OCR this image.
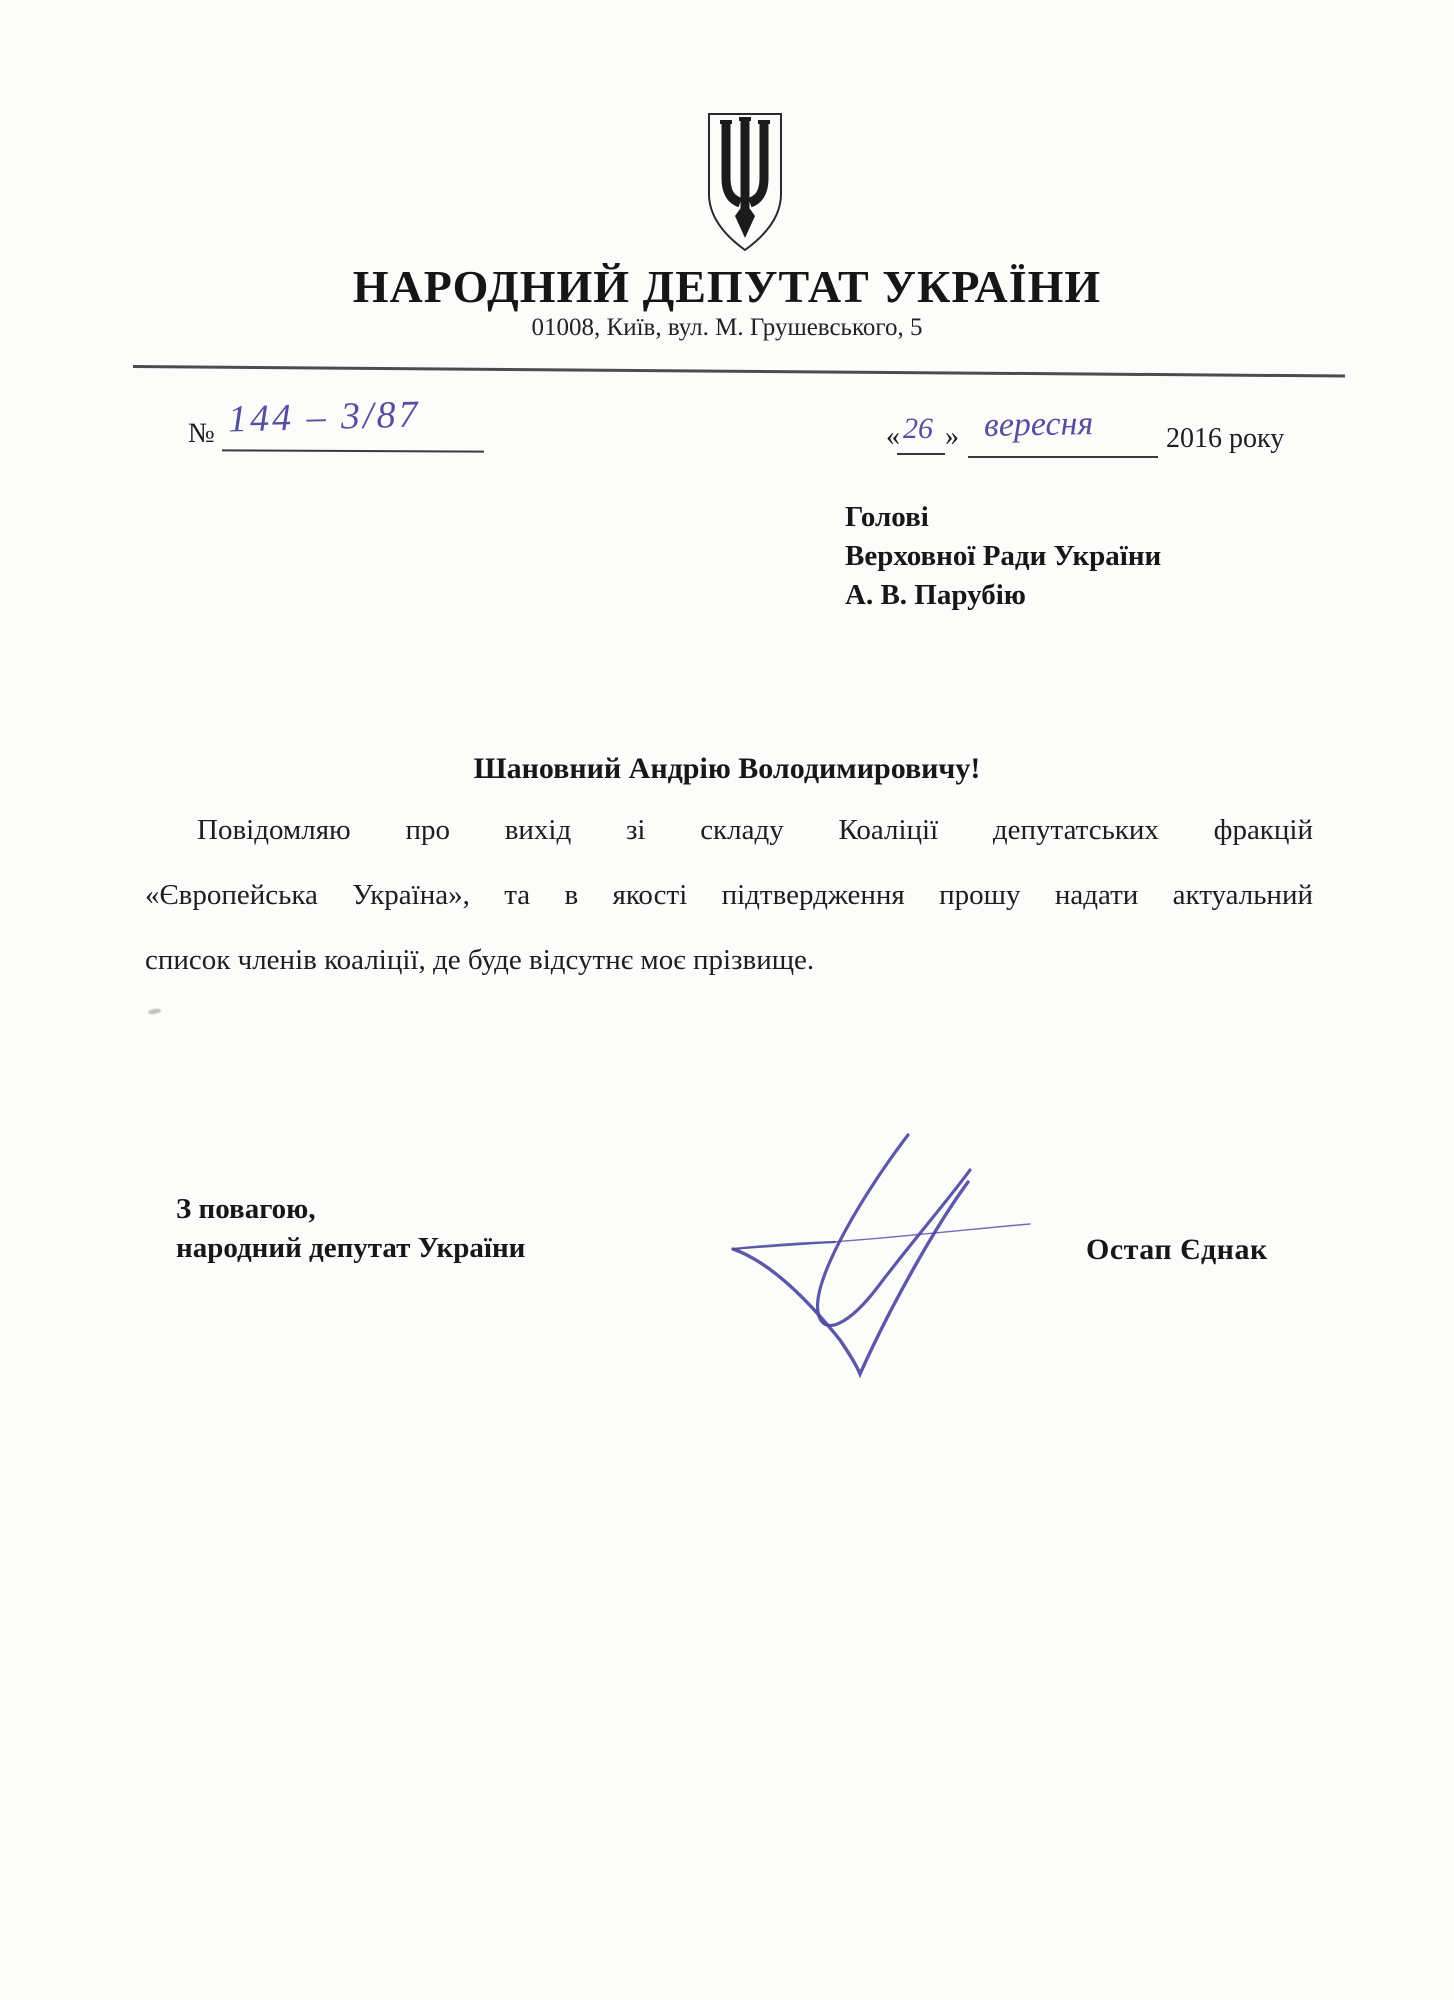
НАРОДНИЙ ДЕПУТАТ УКРАЇНИ
01008, Київ, вул. М. Грушевського, 5
№ 144 – 3/87	« 26 » вересня	2016 року
Голові
Верховної Ради України
А. В. Парубію
Шановний Андрію Володимировичу!
Повідомляю про вихід зі складу Коаліції депутатських фракцій
«Європейська Україна», та в якості підтвердження прошу надати актуальний
список членів коаліції, де буде відсутнє моє прізвище.
З повагою,
народний депутат України	Остап Єднак
